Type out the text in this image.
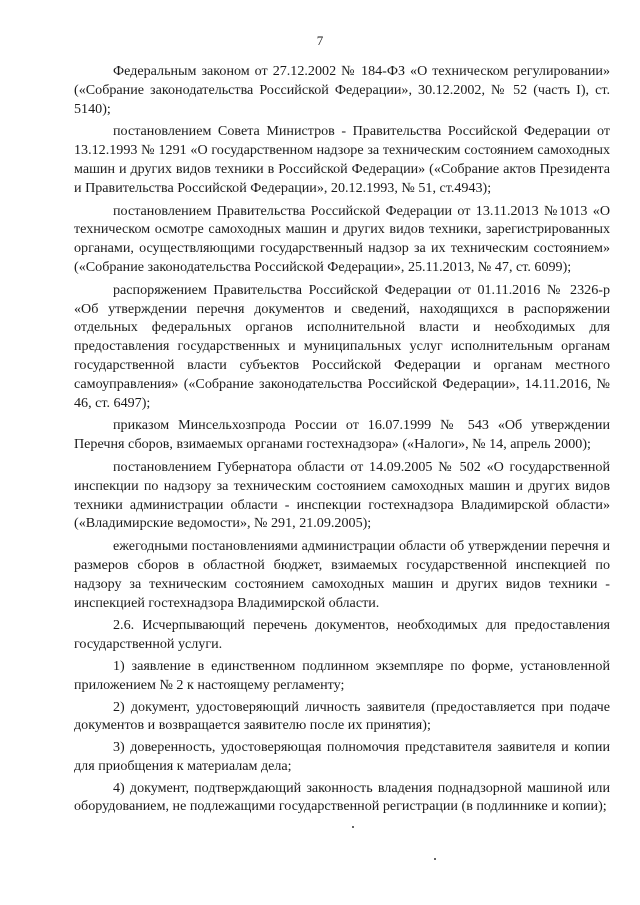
7

Федеральным законом от 27.12.2002 № 184-ФЗ «О техническом регулировании» («Собрание законодательства Российской Федерации», 30.12.2002, № 52 (часть I), ст. 5140);

постановлением Совета Министров - Правительства Российской Федерации от 13.12.1993 № 1291 «О государственном надзоре за техническим состоянием самоходных машин и других видов техники в Российской Федерации» («Собрание актов Президента и Правительства Российской Федерации», 20.12.1993, № 51, ст.4943);

постановлением Правительства Российской Федерации от 13.11.2013 №1013 «О техническом осмотре самоходных машин и других видов техники, зарегистрированных органами, осуществляющими государственный надзор за их техническим состоянием» («Собрание законодательства Российской Федерации», 25.11.2013, № 47, ст. 6099);

распоряжением Правительства Российской Федерации от 01.11.2016 № 2326-р «Об утверждении перечня документов и сведений, находящихся в распоряжении отдельных федеральных органов исполнительной власти и необходимых для предоставления государственных и муниципальных услуг исполнительным органам государственной власти субъектов Российской Федерации и органам местного самоуправления» («Собрание законодательства Российской Федерации», 14.11.2016, № 46, ст. 6497);

приказом Минсельхозпрода России от 16.07.1999 № 543 «Об утверждении Перечня сборов, взимаемых органами гостехнадзора» («Налоги», № 14, апрель 2000);

постановлением Губернатора области от 14.09.2005 № 502 «О государственной инспекции по надзору за техническим состоянием самоходных машин и других видов техники администрации области - инспекции гостехнадзора Владимирской области» («Владимирские ведомости», № 291, 21.09.2005);

ежегодными постановлениями администрации области об утверждении перечня и размеров сборов в областной бюджет, взимаемых государственной инспекцией по надзору за техническим состоянием самоходных машин и других видов техники - инспекцией гостехнадзора Владимирской области.

2.6. Исчерпывающий перечень документов, необходимых для предоставления государственной услуги.

1) заявление в единственном подлинном экземпляре по форме, установленной приложением № 2 к настоящему регламенту;

2) документ, удостоверяющий личность заявителя (предоставляется при подаче документов и возвращается заявителю после их принятия);

3) доверенность, удостоверяющая полномочия представителя заявителя и копии для приобщения к материалам дела;

4) документ, подтверждающий законность владения поднадзорной машиной или оборудованием, не подлежащими государственной регистрации (в подлиннике и копии);
